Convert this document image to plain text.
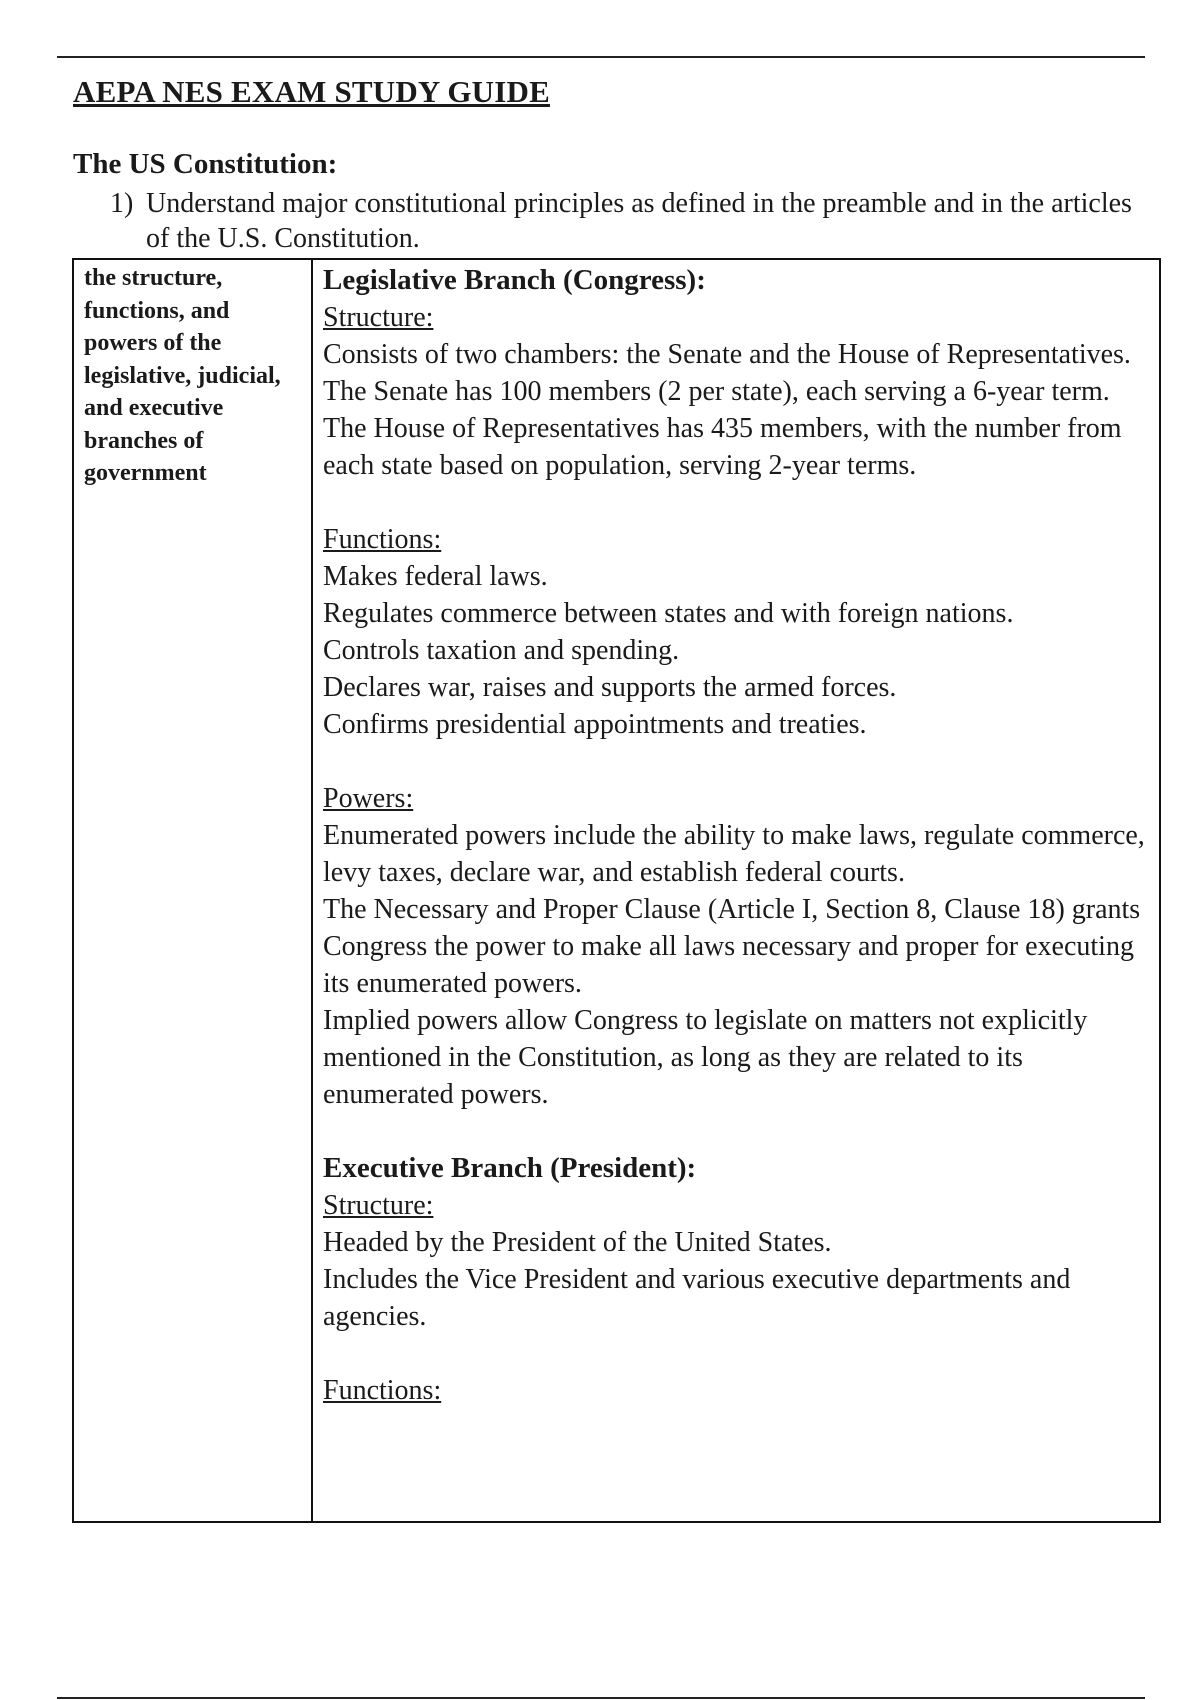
AEPA NES EXAM STUDY GUIDE
The US Constitution:
1) Understand major constitutional principles as defined in the preamble and in the articles of the U.S. Constitution.
the structure, functions, and powers of the legislative, judicial, and executive branches of government
Legislative Branch (Congress):
Structure:
Consists of two chambers: the Senate and the House of Representatives.
The Senate has 100 members (2 per state), each serving a 6-year term.
The House of Representatives has 435 members, with the number from each state based on population, serving 2-year terms.
Functions:
Makes federal laws.
Regulates commerce between states and with foreign nations.
Controls taxation and spending.
Declares war, raises and supports the armed forces.
Confirms presidential appointments and treaties.
Powers:
Enumerated powers include the ability to make laws, regulate commerce, levy taxes, declare war, and establish federal courts.
The Necessary and Proper Clause (Article I, Section 8, Clause 18) grants Congress the power to make all laws necessary and proper for executing its enumerated powers.
Implied powers allow Congress to legislate on matters not explicitly mentioned in the Constitution, as long as they are related to its enumerated powers.
Executive Branch (President):
Structure:
Headed by the President of the United States.
Includes the Vice President and various executive departments and agencies.
Functions:
